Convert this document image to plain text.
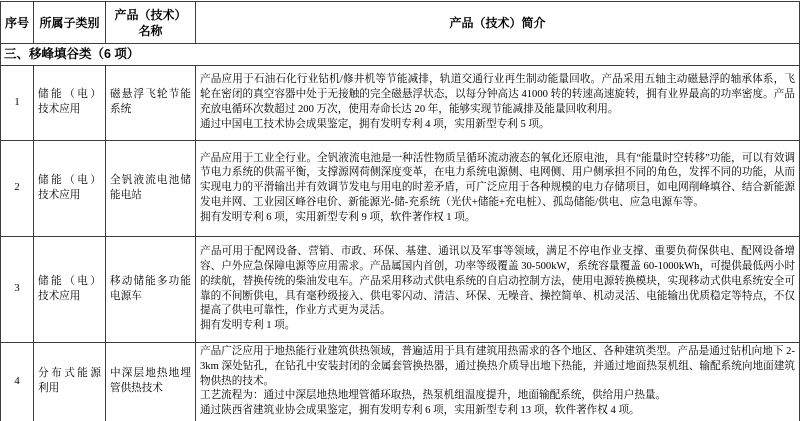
序号	所属子类别	产品（技术）名称	产品（技术）简介
三、移峰填谷类（6 项）			
1	储能（电）技术应用	磁悬浮飞轮节能系统	产品应用于石油石化行业钻机/修井机等节能减排，轨道交通行业再生制动能量回收。产品采用五轴主动磁悬浮的轴承体系，飞轮在密闭的真空容器中处于无接触的完全磁悬浮状态，以每分钟高达 41000 转的转速高速旋转，拥有业界最高的功率密度。产品充放电循环次数超过 200 万次，使用寿命长达 20 年，能够实现节能减排及能量回收利用。
通过中国电工技术协会成果鉴定，拥有发明专利 4 项，实用新型专利 5 项。

2	储能（电）技术应用	全钒液流电池储能电站	产品应用于工业全行业。全钒液流电池是一种活性物质呈循环流动液态的氧化还原电池，具有“能量时空转移”功能，可以有效调节电力系统的供需平衡，支撑源网荷侧深度变革，在电力系统电源侧、电网侧、用户侧承担不同的角色，发挥不同的功能，从而实现电力的平滑输出并有效调节发电与用电的时差矛盾，可广泛应用于各种规模的电力存储项目，如电网削峰填谷、结合新能源发电并网、工业园区峰谷电价、新能源光-储-充系统（光伏+储能+充电桩）、孤岛储能/供电、应急电源车等。
拥有发明专利 6 项，实用新型专利 9 项，软件著作权 1 项。

3	储能（电）技术应用	移动储能多功能电源车	产品可用于配网设备、营销、市政、环保、基建、通讯以及军事等领域，满足不停电作业支撑、重要负荷保供电、配网设备增容、户外应急保障电源等应用需求。产品属国内首创，功率等级覆盖 30-500kW，系统容量覆盖 60-1000kWh，可提供最低两小时的续航，替换传统的柴油发电车。产品采用移动式供电系统的自启动控制方法，使用电源转换模块，实现移动式供电系统安全可靠的不间断供电，具有毫秒级接入、供电零闪动、清洁、环保、无噪音、操控简单、机动灵活、电能输出优质稳定等特点，不仅提高了供电可靠性，作业方式更为灵活。
拥有发明专利 1 项。

4	分布式能源利用	中深层地热地埋管供热技术	产品广泛应用于地热能行业建筑供热领域，普遍适用于具有建筑用热需求的各个地区、各种建筑类型。产品是通过钻机向地下 2-3km 深处钻孔，在钻孔中安装封闭的金属套管换热器，通过换热介质导出地下热能，并通过地面热泵机组、输配系统向地面建筑物供热的技术。
工艺流程为：通过中深层地热地埋管循环取热，热泵机组温度提升，地面输配系统，供给用户热量。
通过陕西省建筑业协会成果鉴定，拥有发明专利 6 项，实用新型专利 13 项，软件著作权 4 项。
